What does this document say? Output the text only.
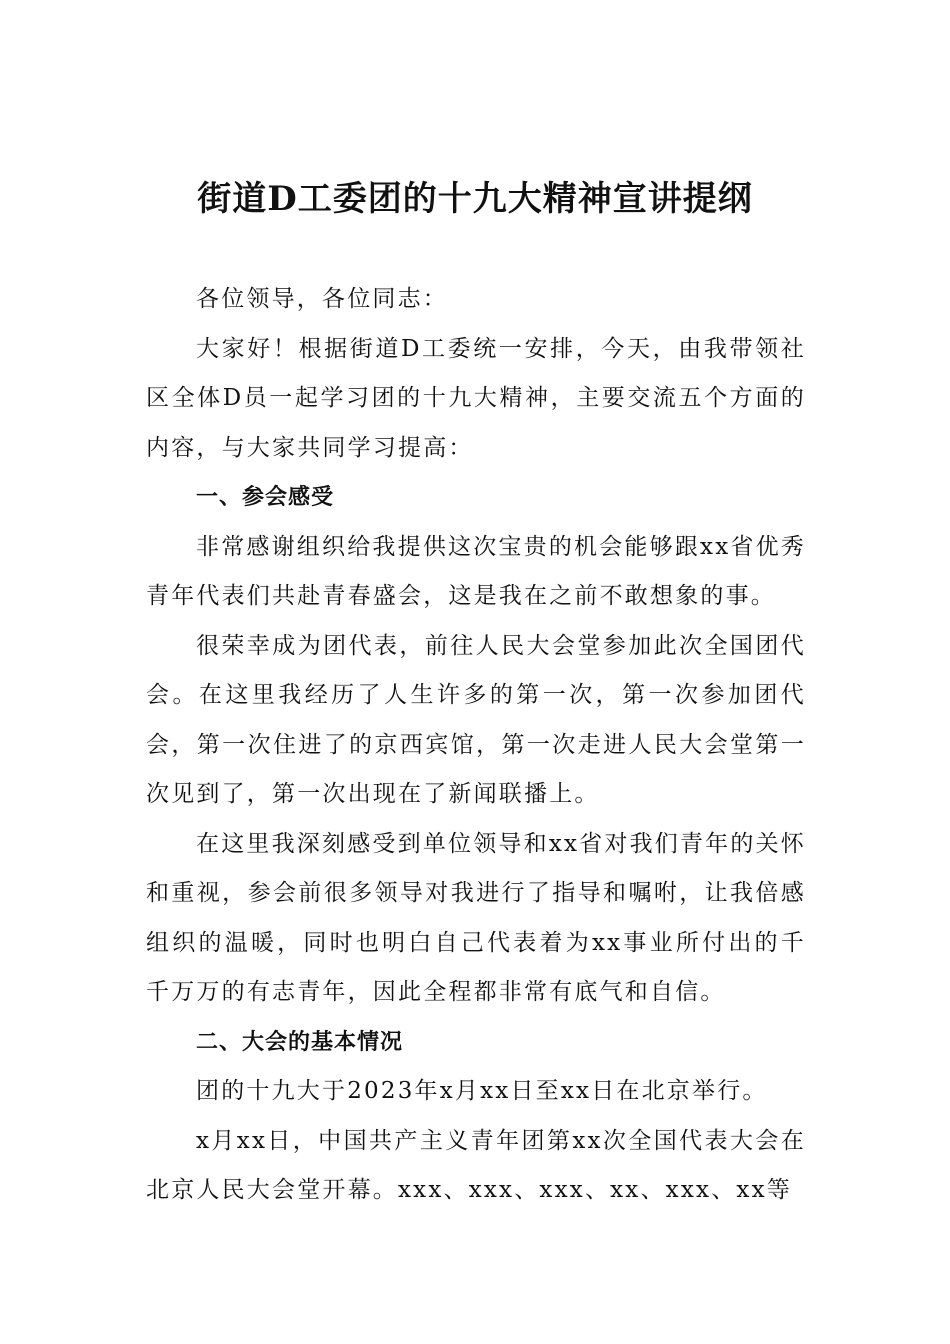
街道D工委团的十九大精神宣讲提纲

各位领导，各位同志：

大家好！根据街道D工委统一安排，今天，由我带领社区全体D员一起学习团的十九大精神，主要交流五个方面的内容，与大家共同学习提高：

一、参会感受

非常感谢组织给我提供这次宝贵的机会能够跟xx省优秀青年代表们共赴青春盛会，这是我在之前不敢想象的事。

很荣幸成为团代表，前往人民大会堂参加此次全国团代会。在这里我经历了人生许多的第一次，第一次参加团代会，第一次住进了的京西宾馆，第一次走进人民大会堂第一次见到了，第一次出现在了新闻联播上。

在这里我深刻感受到单位领导和xx省对我们青年的关怀和重视，参会前很多领导对我进行了指导和嘱咐，让我倍感组织的温暖，同时也明白自己代表着为xx事业所付出的千千万万的有志青年，因此全程都非常有底气和自信。

二、大会的基本情况

团的十九大于2023年x月xx日至xx日在北京举行。

x月xx日，中国共产主义青年团第xx次全国代表大会在北京人民大会堂开幕。xxx、xxx、xxx、xx、xxx、xx等
